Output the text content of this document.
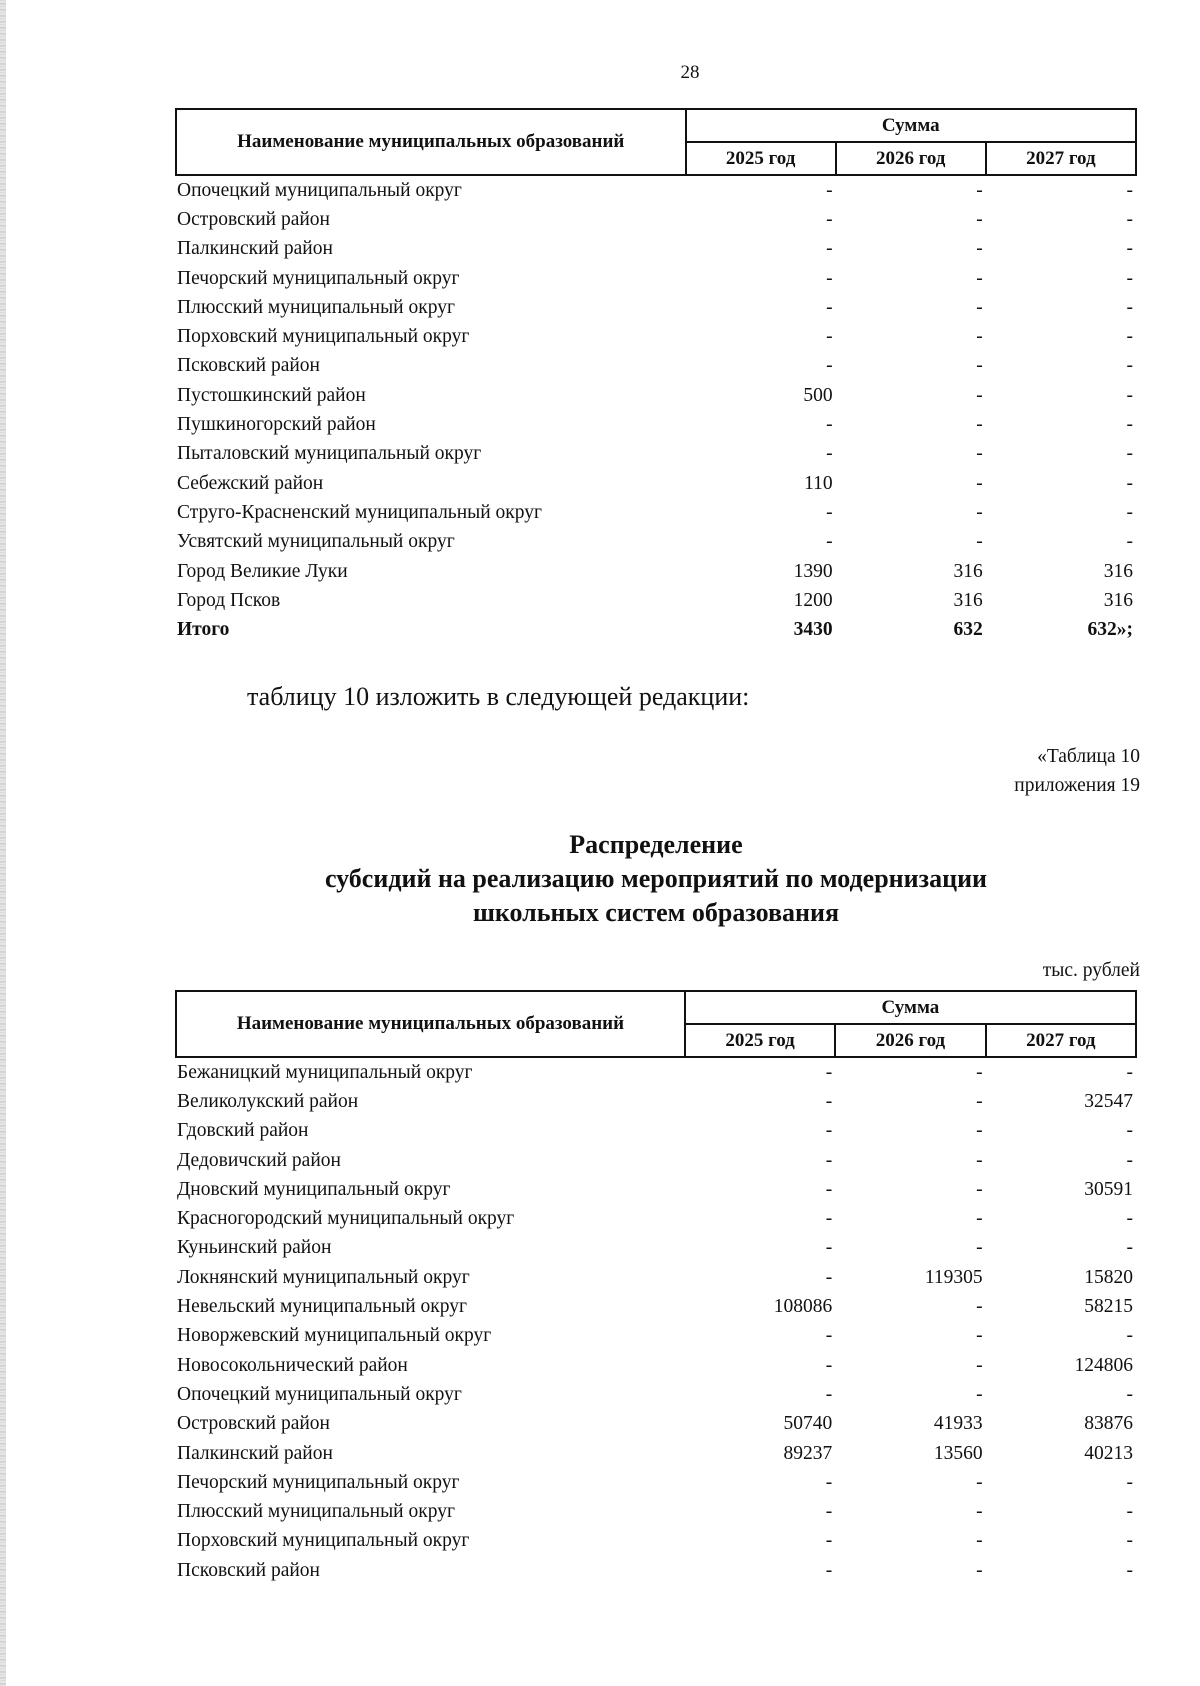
28
Наименование муниципальных образований	Сумма		
	2025 год	2026 год	2027 год
Опочецкий муниципальный округ	-	-	-
Островский район	-	-	-
Палкинский район	-	-	-
Печорский муниципальный округ	-	-	-
Плюсский муниципальный округ	-	-	-
Порховский муниципальный округ	-	-	-
Псковский район	-	-	-
Пустошкинский район	500	-	-
Пушкиногорский район	-	-	-
Пыталовский муниципальный округ	-	-	-
Себежский район	110	-	-
Струго-Красненский муниципальный округ	-	-	-
Усвятский муниципальный округ	-	-	-
Город Великие Луки	1390	316	316
Город Псков	1200	316	316
Итого	3430	632	632»;
таблицу 10 изложить в следующей редакции:
«Таблица 10
приложения 19
Распределение
субсидий на реализацию мероприятий по модернизации
школьных систем образования
тыс. рублей
Наименование муниципальных образований	Сумма		
	2025 год	2026 год	2027 год
Бежаницкий муниципальный округ	-	-	-
Великолукский район	-	-	32547
Гдовский район	-	-	-
Дедовичский район	-	-	-
Дновский муниципальный округ	-	-	30591
Красногородский муниципальный округ	-	-	-
Куньинский район	-	-	-
Локнянский муниципальный округ	-	119305	15820
Невельский муниципальный округ	108086	-	58215
Новоржевский муниципальный округ	-	-	-
Новосокольнический район	-	-	124806
Опочецкий муниципальный округ	-	-	-
Островский район	50740	41933	83876
Палкинский район	89237	13560	40213
Печорский муниципальный округ	-	-	-
Плюсский муниципальный округ	-	-	-
Порховский муниципальный округ	-	-	-
Псковский район	-	-	-
